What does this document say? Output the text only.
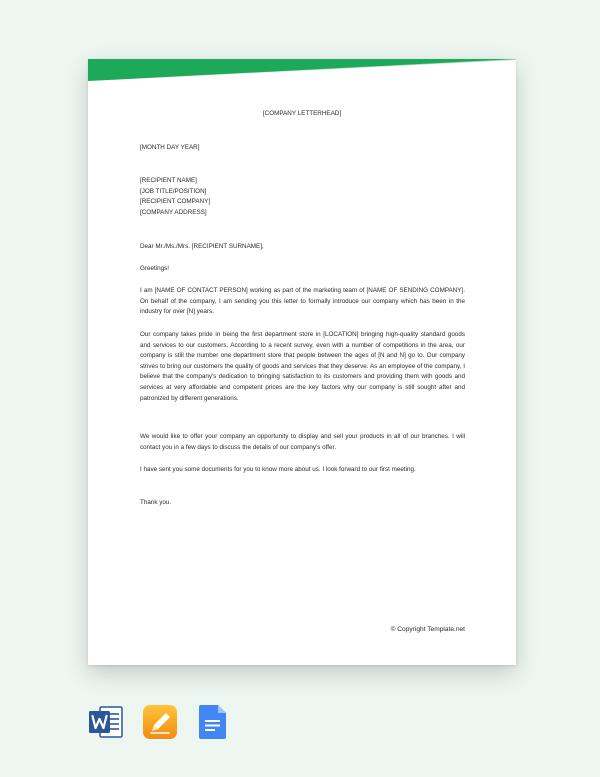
[COMPANY LETTERHEAD]

[MONTH DAY YEAR]

[RECIPIENT NAME]
[JOB TITLE/POSITION]
[RECIPIENT COMPANY]
[COMPANY ADDRESS]

Dear Mr./Ms./Mrs. [RECIPIENT SURNAME],

Greetings!

I am [NAME OF CONTACT PERSON] working as part of the marketing team of [NAME OF SENDING COMPANY]. On behalf of the company, I am sending you this letter to formally introduce our company which has been in the industry for over [N] years.

Our company takes pride in being the first department store in [LOCATION] bringing high-quality standard goods and services to our customers. According to a recent survey, even with a number of competitions in the area, our company is still the number one department store that people between the ages of [N and N] go to. Our company strives to bring our customers the quality of goods and services that they deserve. As an employee of the company, I believe that the company's dedication to bringing satisfaction to its customers and providing them with goods and services at very affordable and competent prices are the key factors why our company is still sought after and patronized by different generations.

We would like to offer your company an opportunity to display and sell your products in all of our branches. I will contact you in a few days to discuss the details of our company's offer.

I have sent you some documents for you to know more about us. I look forward to our first meeting.

Thank you.

© Copyright Template.net
